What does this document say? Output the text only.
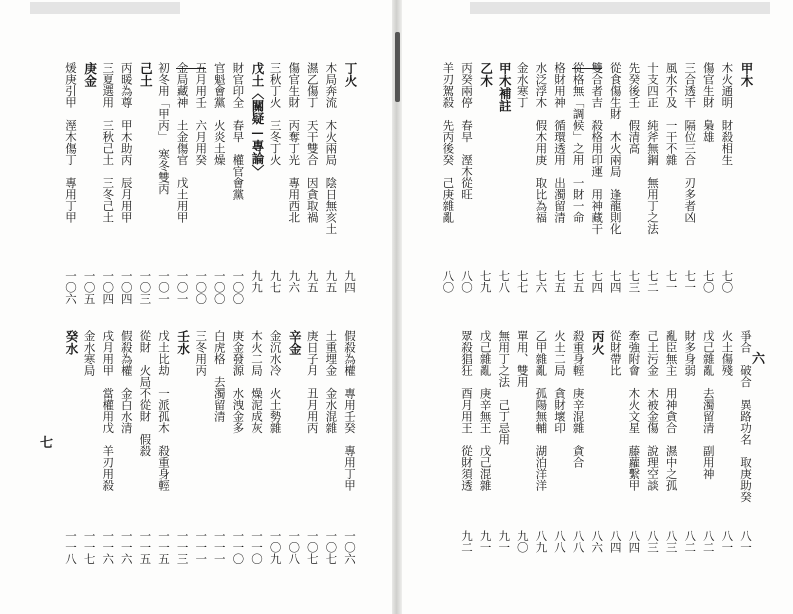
甲木
木火通明　財殺相生
七〇
傷官生財　梟雄
七〇
三合透干　隔位三合　刃多者凶
七一
風水不及　一干不雜
七一
十支四正　純斧無鋼　無用丁之法
七二
先癸後壬　假清高
七三
從食傷生財　木火兩局　逢龍則化
七四
雙合者吉　殺格用印運　用神藏干
七四
從格無「調候」之用　一財一命
七五
格財用神　循環透用　出濁留清
七五
水泛浮木　假木用庚　取比為福
七六
金水寒丁
七七
甲木補註
七八
乙木
七九
丙癸兩停　春早　溼木從旺
八〇
羊刃駕殺　先丙後癸　己庚雜亂
八〇
爭合　破合　異路功名　取庚助癸
八一
火土傷殘
八一
戊己雜亂　去濁留清　副用神
八二
財多身弱
八二
亂臣無主　用神貪合　濕中之孤
八三
己土污金　木被金傷　說理空談
八三
牽強附會　木火文星　藤蘿繫甲
八四
從財帶比
八四
丙火
八六
殺重身輕　庚辛混雜　貪合
八八
火土二局　貪財壞印
八八
乙甲雜亂　孤陽無輔　湖泊洋洋
八九
單用、雙用
九〇
無用丁之法　己丁忌用
九一
戊己雜亂　庚辛無王　戊己混雜
九一
眾殺猖狂　酉月用王　從財須透
九二
丁火
九四
木局奔流　木火兩局　陰日無亥土
九五
濕乙傷丁　天干雙合　因貪取禍
九五
傷官生財　丙奪丁光　專用西北
九六
三秋丁火　三冬丁火
九七
戊土〈關疑—專論〉
九九
財官印全　春早　權官會黨
一〇〇
官魁會黨　火炎土燥
一〇〇
五月用壬　六月用癸
一〇〇
金局藏神　土金傷官　戊土用甲
一〇一
初冬用「甲丙」　寒冬雙丙
一〇一
己土
一〇三
丙暖為尊　甲木助丙　辰月用甲
一〇四
三夏選用　三秋己土　三冬己土
一〇四
庚金
一〇五
煖庚引甲　溼木傷丁　專用丁甲
一〇六
假殺為權　專用壬癸　專用丁甲
一〇六
土重埋金　金水混雜
一〇七
庚日子月　丑月用丙
一〇七
辛金
一〇八
金沉水冷　火土勢雜
一〇九
木火二局　燥泥成灰
一一〇
庚金發源　水洩金多
一一〇
白虎格　去濁留清
一一一
三冬用丙
一一一
壬水
一一三
戊土比劫　一派孤木　殺重身輕
一一五
從財　火局不從財　假殺
一一五
假殺為權　金白水清
一一六
戌月用甲　當權用戊　羊刃用殺
一一六
金水寒局
一一七
癸水
一一八
六
七
